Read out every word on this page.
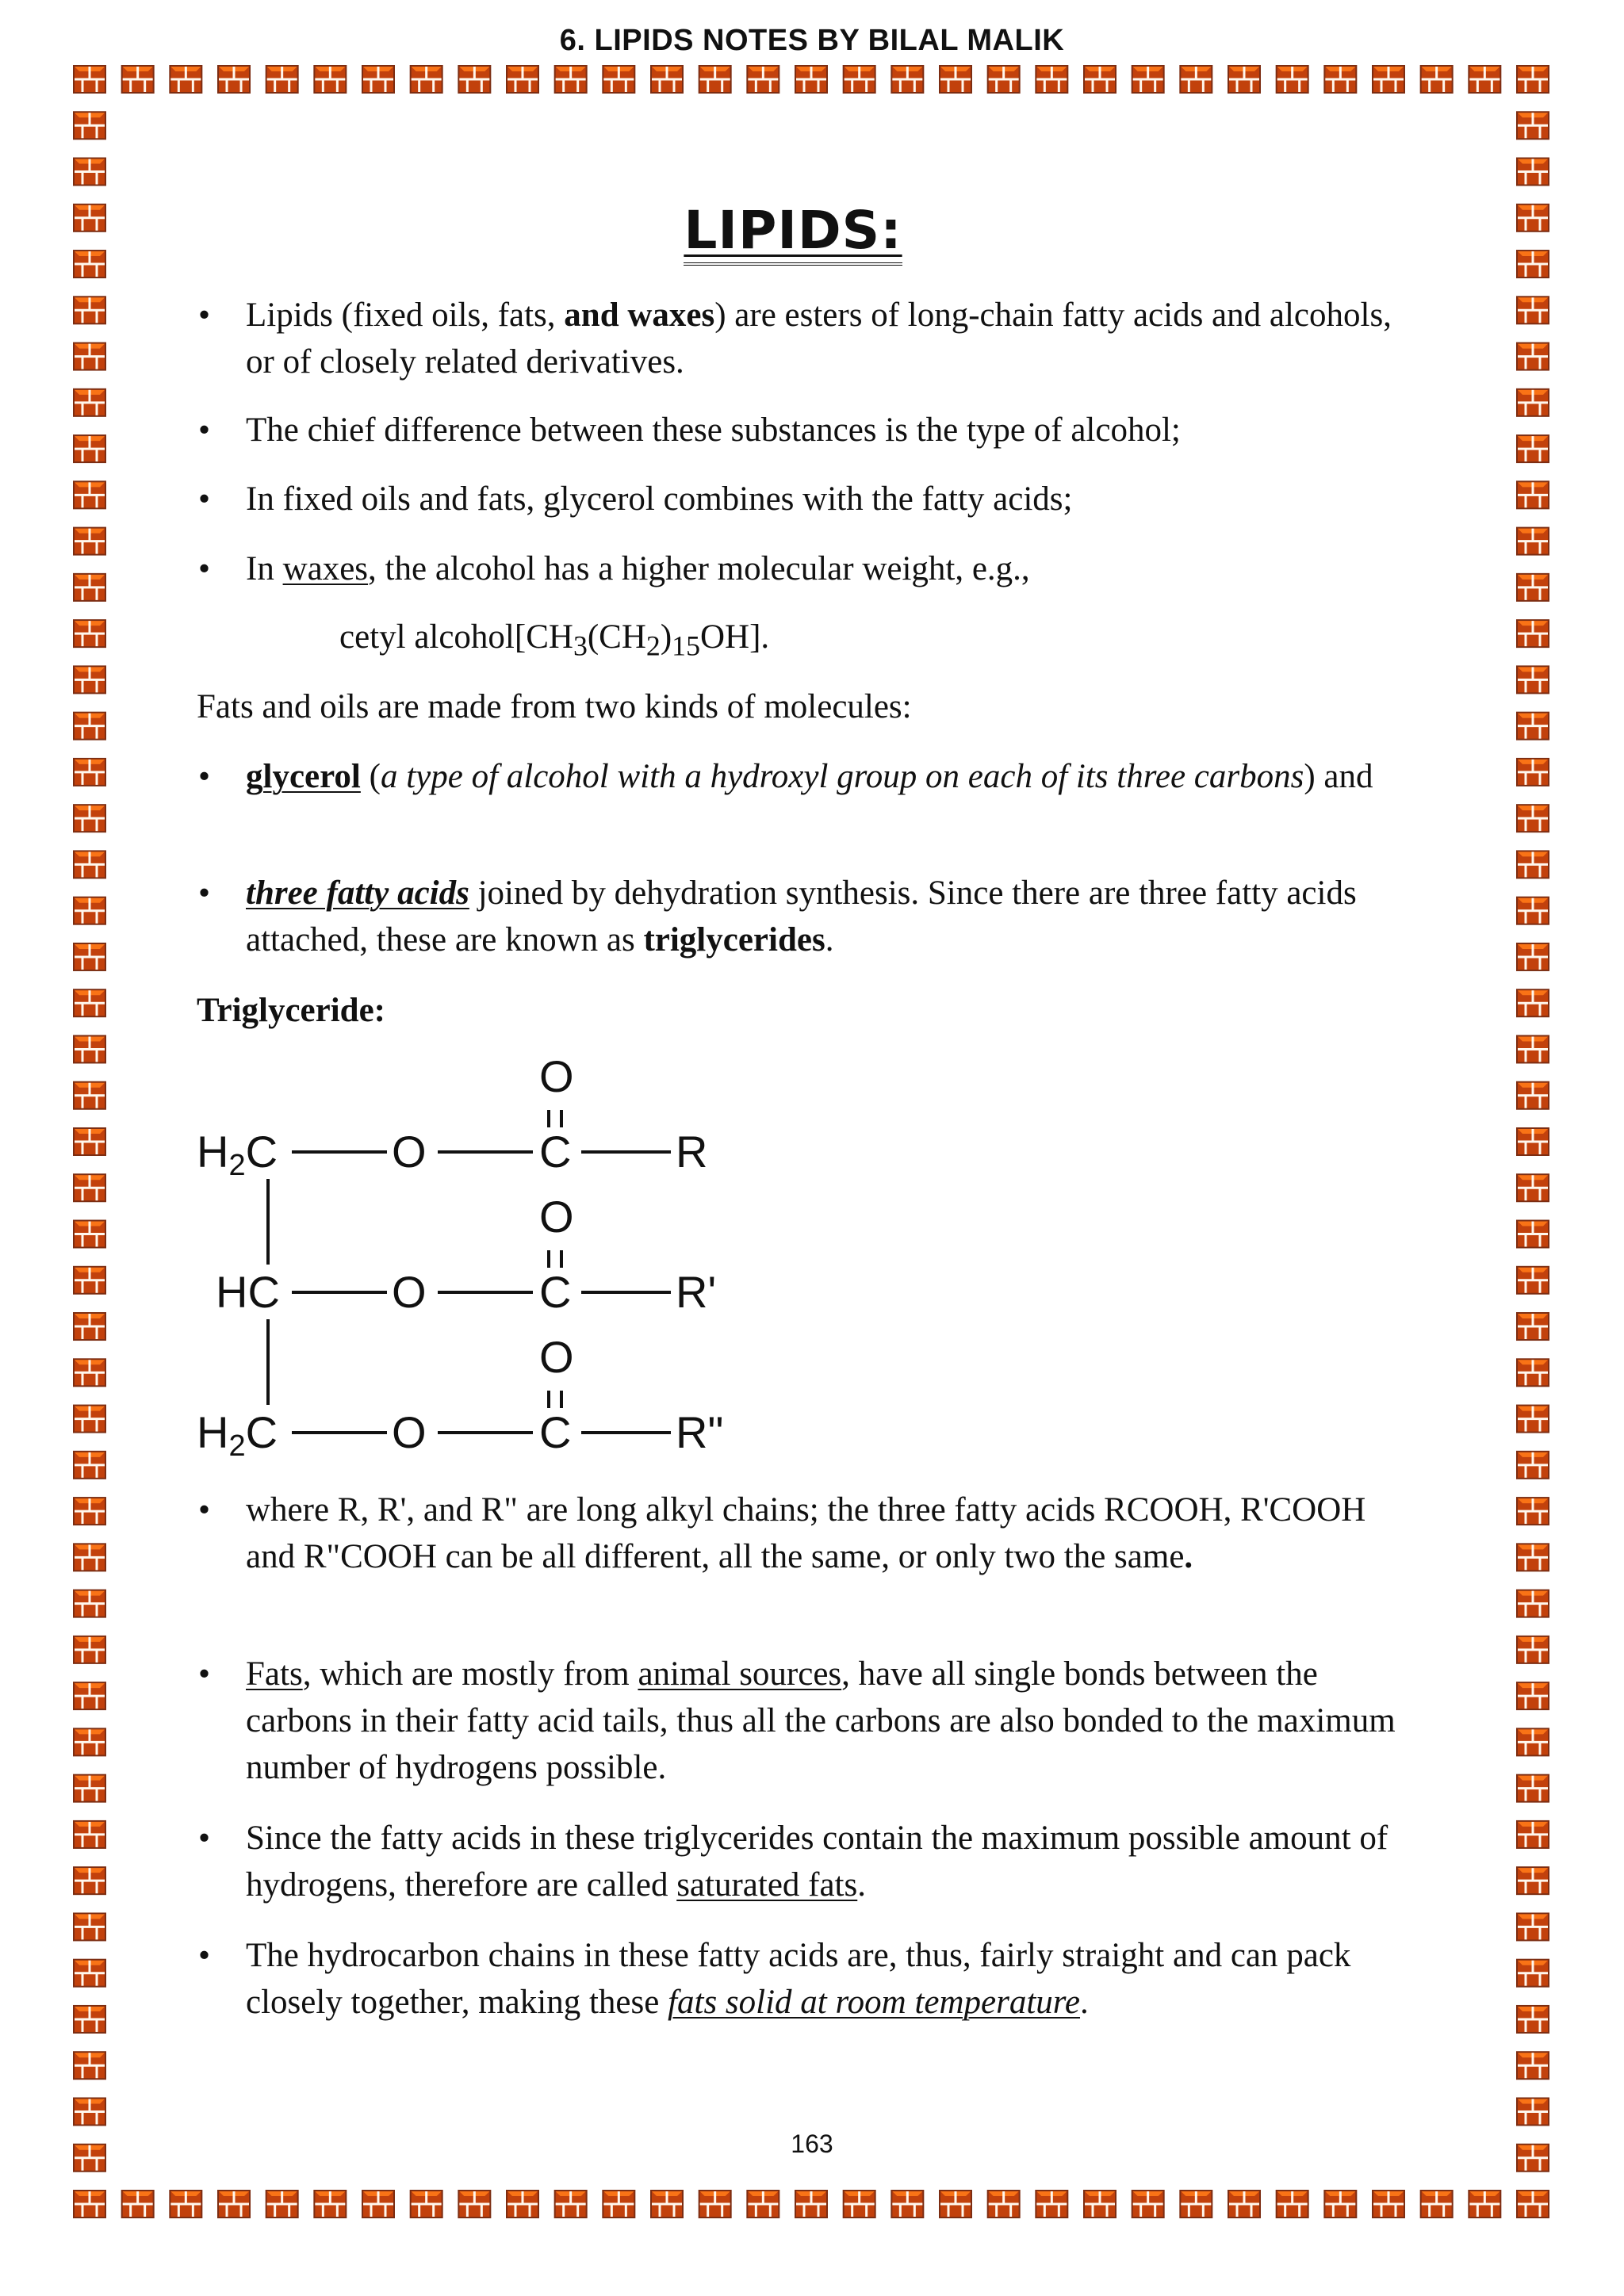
6. LIPIDS NOTES BY BILAL MALIK
LIPIDS:
• Lipids (fixed oils, fats, and waxes) are esters of long-chain fatty acids and alcohols, or of closely related derivatives.
• The chief difference between these substances is the type of alcohol;
• In fixed oils and fats, glycerol combines with the fatty acids;
• In waxes, the alcohol has a higher molecular weight, e.g.,
cetyl $alcohol[CH_3(CH_2)_{15}OH]$.
Fats and oils are made from two kinds of molecules:
• glycerol (a type of alcohol with a hydroxyl group on each of its three carbons) and
• three fatty acids joined by dehydration synthesis. Since there are three fatty acids attached, these are known as triglycerides.
Triglyceride:
O
O
O
$H_2C$	O	C R
HC	O	C R'
$H_2C$	O	C R"
• where R, R', and R" are long alkyl chains; the three fatty acids RCOOH, R'COOH and R"COOH can be all different, all the same, or only two the same.
• Fats, which are mostly from animal sources, have all single bonds between the carbons in their fatty acid tails, thus all the carbons are also bonded to the maximum number of hydrogens possible.
• Since the fatty acids in these triglycerides contain the maximum possible amount of hydrogens, therefore are called saturated fats.
• The hydrocarbon chains in these fatty acids are, thus, fairly straight and can pack closely together, making these fats solid at room temperature.
163
